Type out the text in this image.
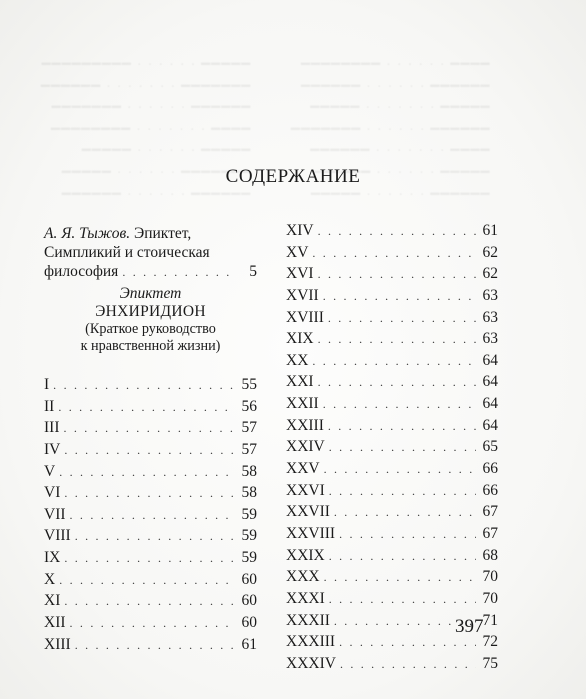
━━━━━ · · · · · · ━━━━━━━━━
━━━━━━━ · · · · · · · ━━━━━━
━━━━━━ · · · · · · ━━━━━━━
━━━━ · · · · · · · ━━━━━━━━
━━━━━ · · · · · · ━━━━━
━━━━━━━ · · · · · · ━━━━━
━━━━━━ · · · · · · ━━━━━━
━━━━ · · · · · · ━━━━━━━━
━━━━━━ · · · · · · ━━━━━━
━━━━━ · · · · · · · ━━━━━
━━━━━━ · · · · · · ━━━━━━━
━━━━ · · · · · · · ━━━━━━
━━━━━ · · · · · · ━━━━━━
━━━━━━ · · · · · · ━━━━━
СОДЕРЖАНИЕ
А. Я. Тыжов. Эпиктет,
Симпликий и стоическая
философия . . .	5
Эпиктет
ЭНХИРИДИОН
(Краткое руководство
к нравственной жизни)
I . . .	55
II . . .	56
III . . .	57
IV . . .	57
V . . .	58
VI . . .	58
VII . . .	59
VIII . . .	59
IX . . .	59
X . . .	60
XI . . .	60
XII . . .	60
XIII . . .	61
XIV . . .	61
XV . . .	62
XVI . . .	62
XVII . . .	63
XVIII . . .	63
XIX . . .	63
XX . . .	64
XXI . . .	64
XXII . . .	64
XXIII . . .	64
XXIV . . .	65
XXV . . .	66
XXVI . . .	66
XXVII . . .	67
XXVIII . . .	67
XXIX . . .	68
XXX . . .	70
XXXI . . .	70
XXXII . . .	71
XXXIII . . .	72
XXXIV . . .	75
397
